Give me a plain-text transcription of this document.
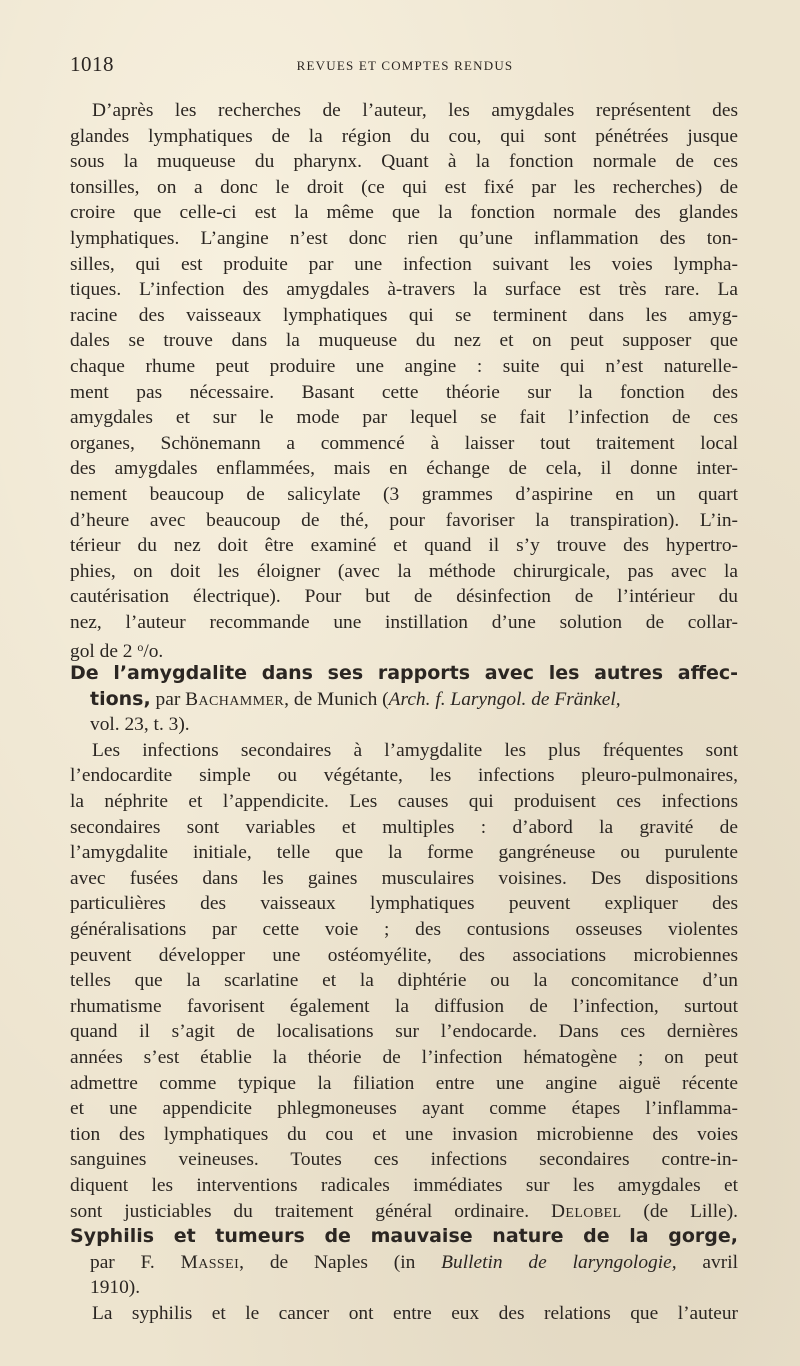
1018	REVUES ET COMPTES RENDUS
D’après les recherches de l’auteur, les amygdales représentent des
glandes lymphatiques de la région du cou, qui sont pénétrées jusque
sous la muqueuse du pharynx. Quant à la fonction normale de ces
tonsilles, on a donc le droit (ce qui est fixé par les recherches) de
croire que celle-ci est la même que la fonction normale des glandes
lymphatiques. L’angine n’est donc rien qu’une inflammation des ton-
silles, qui est produite par une infection suivant les voies lympha-
tiques. L’infection des amygdales à-travers la surface est très rare. La
racine des vaisseaux lymphatiques qui se terminent dans les amyg-
dales se trouve dans la muqueuse du nez et on peut supposer que
chaque rhume peut produire une angine : suite qui n’est naturelle-
ment pas nécessaire. Basant cette théorie sur la fonction des
amygdales et sur le mode par lequel se fait l’infection de ces
organes, Schönemann a commencé à laisser tout traitement local
des amygdales enflammées, mais en échange de cela, il donne inter-
nement beaucoup de salicylate (3 grammes d’aspirine en un quart
d’heure avec beaucoup de thé, pour favoriser la transpiration). L’in-
térieur du nez doit être examiné et quand il s’y trouve des hypertro-
phies, on doit les éloigner (avec la méthode chirurgicale, pas avec la
cautérisation électrique). Pour but de désinfection de l’intérieur du
nez, l’auteur recommande une instillation d’une solution de collar-
gol de 2 $^o$/o.
De l’amygdalite dans ses rapports avec les autres affec-
tions, par Bachammer, de Munich (Arch. f. Laryngol. de Fränkel,
vol. 23, t. 3).
Les infections secondaires à l’amygdalite les plus fréquentes sont
l’endocardite simple ou végétante, les infections pleuro-pulmonaires,
la néphrite et l’appendicite. Les causes qui produisent ces infections
secondaires sont variables et multiples : d’abord la gravité de
l’amygdalite initiale, telle que la forme gangréneuse ou purulente
avec fusées dans les gaines musculaires voisines. Des dispositions
particulières des vaisseaux lymphatiques peuvent expliquer des
généralisations par cette voie ; des contusions osseuses violentes
peuvent développer une ostéomyélite, des associations microbiennes
telles que la scarlatine et la diphtérie ou la concomitance d’un
rhumatisme favorisent également la diffusion de l’infection, surtout
quand il s’agit de localisations sur l’endocarde. Dans ces dernières
années s’est établie la théorie de l’infection hématogène ; on peut
admettre comme typique la filiation entre une angine aiguë récente
et une appendicite phlegmoneuses ayant comme étapes l’inflamma-
tion des lymphatiques du cou et une invasion microbienne des voies
sanguines veineuses. Toutes ces infections secondaires contre-in-
diquent les interventions radicales immédiates sur les amygdales et
sont justiciables du traitement général ordinaire. Delobel (de Lille).
Syphilis et tumeurs de mauvaise nature de la gorge,
par F. Massei, de Naples (in Bulletin de laryngologie, avril
1910).
La syphilis et le cancer ont entre eux des relations que l’auteur
